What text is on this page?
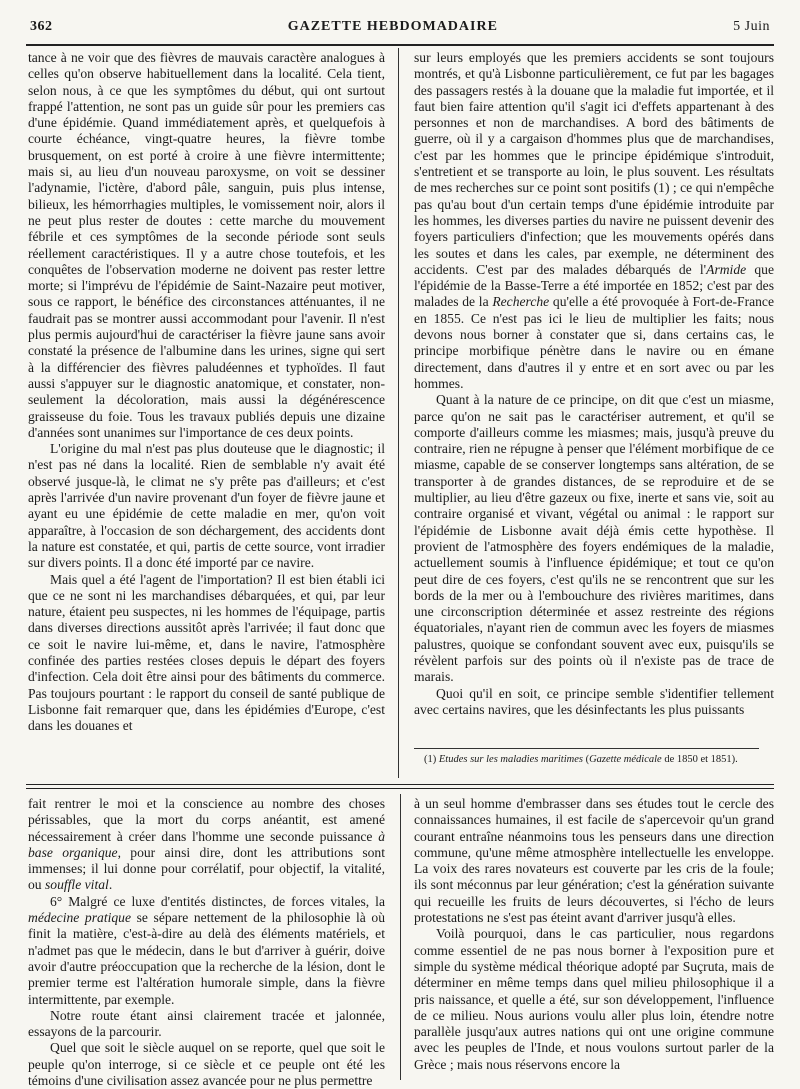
362	GAZETTE HEBDOMADAIRE	5 Juin

tance à ne voir que des fièvres de mauvais caractère analogues à celles qu'on observe habituellement dans la localité. Cela tient, selon nous, à ce que les symptômes du début, qui ont surtout frappé l'attention, ne sont pas un guide sûr pour les premiers cas d'une épidémie. Quand immédiatement après, et quelquefois à courte échéance, vingt-quatre heures, la fièvre tombe brusquement, on est porté à croire à une fièvre intermittente; mais si, au lieu d'un nouveau paroxysme, on voit se dessiner l'adynamie, l'ictère, d'abord pâle, sanguin, puis plus intense, bilieux, les hémorrhagies multiples, le vomissement noir, alors il ne peut plus rester de doutes : cette marche du mouvement fébrile et ces symptômes de la seconde période sont seuls réellement caractéristiques. Il y a autre chose toutefois, et les conquêtes de l'observation moderne ne doivent pas rester lettre morte; si l'imprévu de l'épidémie de Saint-Nazaire peut motiver, sous ce rapport, le bénéfice des circonstances atténuantes, il ne faudrait pas se montrer aussi accommodant pour l'avenir. Il n'est plus permis aujourd'hui de caractériser la fièvre jaune sans avoir constaté la présence de l'albumine dans les urines, signe qui sert à la différencier des fièvres paludéennes et typhoïdes. Il faut aussi s'appuyer sur le diagnostic anatomique, et constater, non-seulement la décoloration, mais aussi la dégénérescence graisseuse du foie. Tous les travaux publiés depuis une dizaine d'années sont unanimes sur l'importance de ces deux points.

L'origine du mal n'est pas plus douteuse que le diagnostic; il n'est pas né dans la localité. Rien de semblable n'y avait été observé jusque-là, le climat ne s'y prête pas d'ailleurs; et c'est après l'arrivée d'un navire provenant d'un foyer de fièvre jaune et ayant eu une épidémie de cette maladie en mer, qu'on voit apparaître, à l'occasion de son déchargement, des accidents dont la nature est constatée, et qui, partis de cette source, vont irradier sur divers points. Il a donc été importé par ce navire.

Mais quel a été l'agent de l'importation? Il est bien établi ici que ce ne sont ni les marchandises débarquées, et qui, par leur nature, étaient peu suspectes, ni les hommes de l'équipage, partis dans diverses directions aussitôt après l'arrivée; il faut donc que ce soit le navire lui-même, et, dans le navire, l'atmosphère confinée des parties restées closes depuis le départ des foyers d'infection. Cela doit être ainsi pour des bâtiments du commerce. Pas toujours pourtant : le rapport du conseil de santé publique de Lisbonne fait remarquer que, dans les épidémies d'Europe, c'est dans les douanes et

sur leurs employés que les premiers accidents se sont toujours montrés, et qu'à Lisbonne particulièrement, ce fut par les bagages des passagers restés à la douane que la maladie fut importée, et il faut bien faire attention qu'il s'agit ici d'effets appartenant à des personnes et non de marchandises. A bord des bâtiments de guerre, où il y a cargaison d'hommes plus que de marchandises, c'est par les hommes que le principe épidémique s'introduit, s'entretient et se transporte au loin, le plus souvent. Les résultats de mes recherches sur ce point sont positifs (1) ; ce qui n'empêche pas qu'au bout d'un certain temps d'une épidémie introduite par les hommes, les diverses parties du navire ne puissent devenir des foyers particuliers d'infection; que les mouvements opérés dans les soutes et dans les cales, par exemple, ne déterminent des accidents. C'est par des malades débarqués de l'Armide que l'épidémie de la Basse-Terre a été importée en 1852; c'est par des malades de la Recherche qu'elle a été provoquée à Fort-de-France en 1855. Ce n'est pas ici le lieu de multiplier les faits; nous devons nous borner à constater que si, dans certains cas, le principe morbifique pénètre dans le navire ou en émane directement, dans d'autres il y entre et en sort avec ou par les hommes.

Quant à la nature de ce principe, on dit que c'est un miasme, parce qu'on ne sait pas le caractériser autrement, et qu'il se comporte d'ailleurs comme les miasmes; mais, jusqu'à preuve du contraire, rien ne répugne à penser que l'élément morbifique de ce miasme, capable de se conserver longtemps sans altération, de se transporter à de grandes distances, de se reproduire et de se multiplier, au lieu d'être gazeux ou fixe, inerte et sans vie, soit au contraire organisé et vivant, végétal ou animal : le rapport sur l'épidémie de Lisbonne avait déjà émis cette hypothèse. Il provient de l'atmosphère des foyers endémiques de la maladie, actuellement soumis à l'influence épidémique; et tout ce qu'on peut dire de ces foyers, c'est qu'ils ne se rencontrent que sur les bords de la mer ou à l'embouchure des rivières maritimes, dans une circonscription déterminée et assez restreinte des régions équatoriales, n'ayant rien de commun avec les foyers de miasmes palustres, quoique se confondant souvent avec eux, puisqu'ils se révèlent parfois sur des points où il n'existe pas de trace de marais.

Quoi qu'il en soit, ce principe semble s'identifier tellement avec certains navires, que les désinfectants les plus puissants

(1) Etudes sur les maladies maritimes (Gazette médicale de 1850 et 1851).

fait rentrer le moi et la conscience au nombre des choses périssables, que la mort du corps anéantit, est amené nécessairement à créer dans l'homme une seconde puissance à base organique, pour ainsi dire, dont les attributions sont immenses; il lui donne pour corrélatif, pour objectif, la vitalité, ou souffle vital.

6° Malgré ce luxe d'entités distinctes, de forces vitales, la médecine pratique se sépare nettement de la philosophie là où finit la matière, c'est-à-dire au delà des éléments matériels, et n'admet pas que le médecin, dans le but d'arriver à guérir, doive avoir d'autre préoccupation que la recherche de la lésion, dont le premier terme est l'altération humorale simple, dans la fièvre intermittente, par exemple.

Notre route étant ainsi clairement tracée et jalonnée, essayons de la parcourir.

Quel que soit le siècle auquel on se reporte, quel que soit le peuple qu'on interroge, si ce siècle et ce peuple ont été les témoins d'une civilisation assez avancée pour ne plus permettre

à un seul homme d'embrasser dans ses études tout le cercle des connaissances humaines, il est facile de s'apercevoir qu'un grand courant entraîne néanmoins tous les penseurs dans une direction commune, qu'une même atmosphère intellectuelle les enveloppe. La voix des rares novateurs est couverte par les cris de la foule; ils sont méconnus par leur génération; c'est la génération suivante qui recueille les fruits de leurs découvertes, si l'écho de leurs protestations ne s'est pas éteint avant d'arriver jusqu'à elles.

Voilà pourquoi, dans le cas particulier, nous regardons comme essentiel de ne pas nous borner à l'exposition pure et simple du système médical théorique adopté par Suçruta, mais de déterminer en même temps dans quel milieu philosophique il a pris naissance, et quelle a été, sur son développement, l'influence de ce milieu. Nous aurions voulu aller plus loin, étendre notre parallèle jusqu'aux autres nations qui ont une origine commune avec les peuples de l'Inde, et nous voulons surtout parler de la Grèce ; mais nous réservons encore la
